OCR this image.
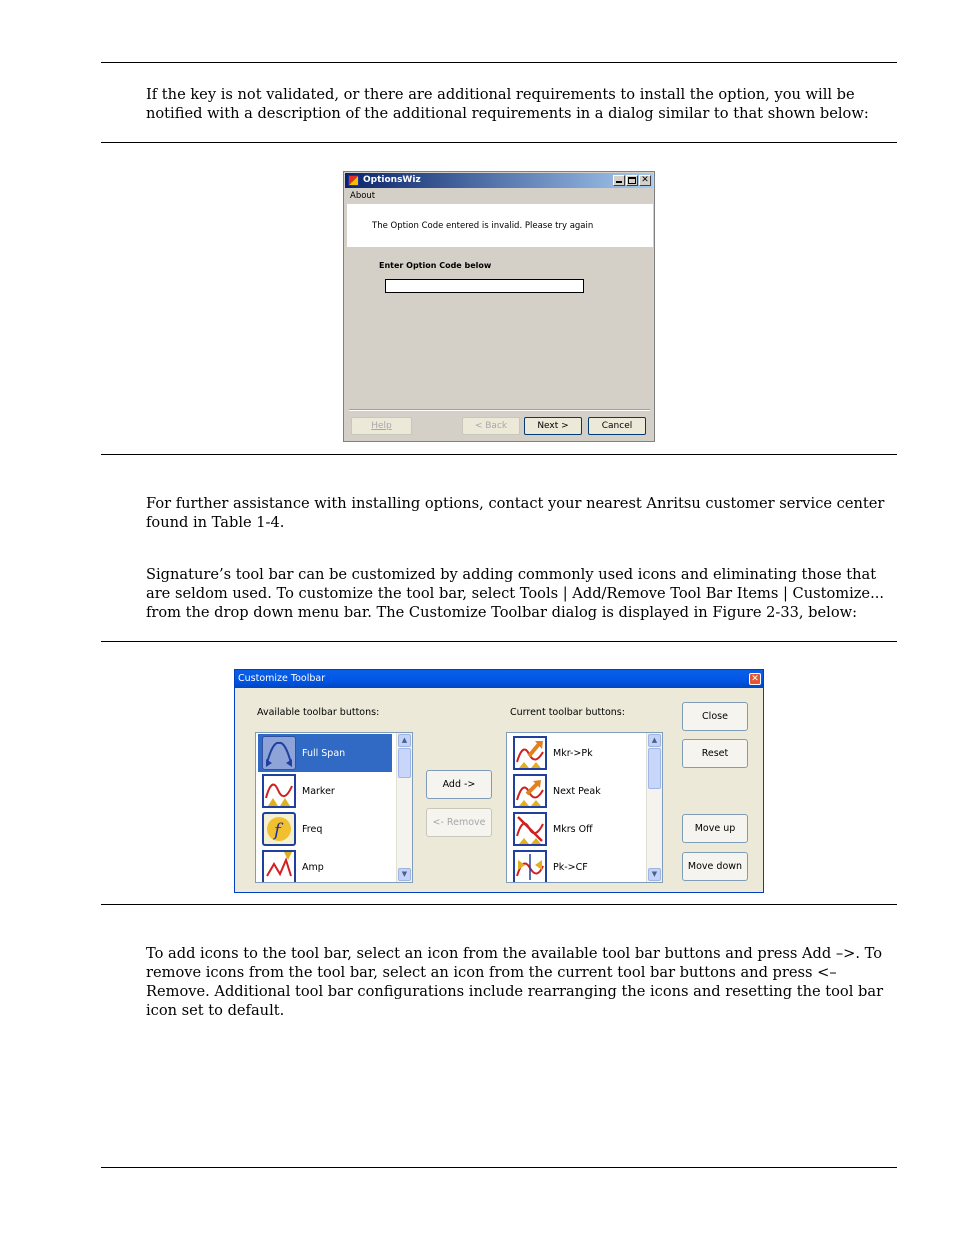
If the key is not validated, or there are additional requirements to install the option, you will be notified with a description of the additional requirements in a dialog similar to that shown below:

OptionsWiz	✕
About
The Option Code entered is invalid. Please try again
Enter Option Code below
Help	< Back	Next >	Cancel

For further assistance with installing options, contact your nearest Anritsu customer service center found in Table 1-4.

Signature’s tool bar can be customized by adding commonly used icons and eliminating those that are seldom used. To customize the tool bar, select Tools | Add/Remove Tool Bar Items | Customize... from the drop down menu bar. The Customize Toolbar dialog is displayed in Figure 2-33, below:

Customize Toolbar	✕
Available toolbar buttons:	Current toolbar buttons:
Full Span
Marker
f	Freq
Amp
▲
▼
Add ->
<- Remove
Mkr->Pk
Next Peak
Mkrs Off
Pk->CF
▲
▼
Close
Reset
Move up
Move down

To add icons to the tool bar, select an icon from the available tool bar buttons and press Add –>. To remove icons from the tool bar, select an icon from the current tool bar buttons and press <– Remove. Additional tool bar configurations include rearranging the icons and resetting the tool bar icon set to default.
